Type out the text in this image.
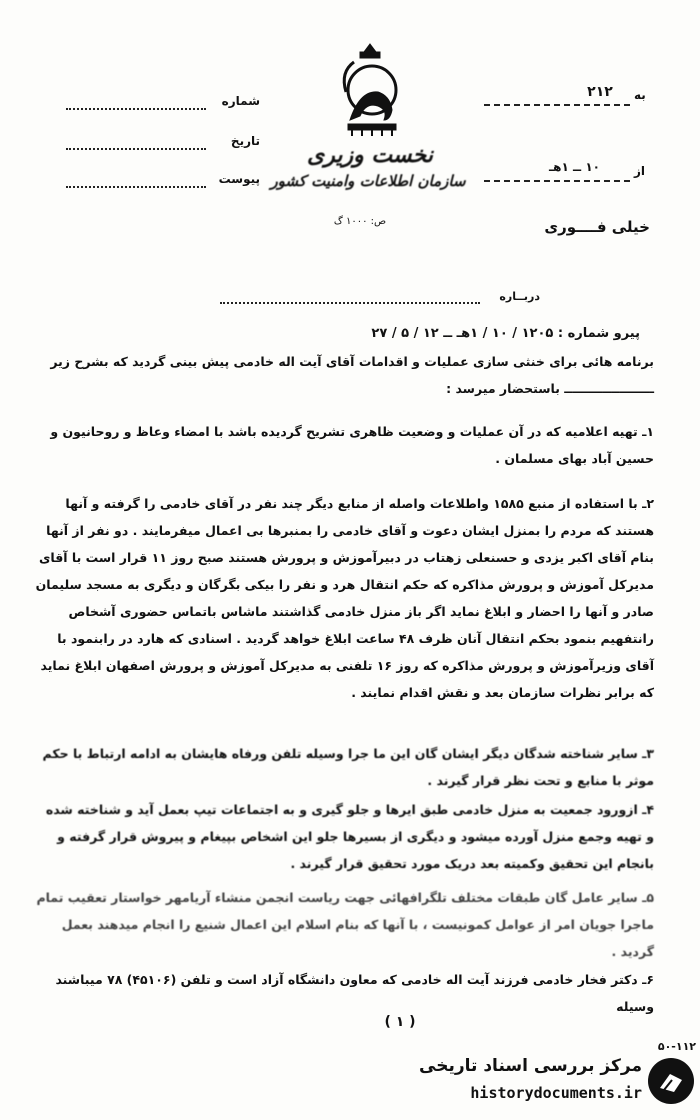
نخست وزیری
سازمان اطلاعات وامنیت کشور
ص: ۱۰۰۰ گ
شماره
تاریخ
پیوست
به
۲۱۲
از
۱۰ ــ ۱هـ
خیلی فــــوری
دربــاره
پیرو شماره : ۱۲۰۵ / ۱۰ / ۱هـ ــ ۱۲ / ۵ / ۲۷
برنامه هائی برای خنثی سازی عملیات و اقدامات آقای آیت اله خادمی پیش بینی گردید که بشرح زیر ـــــــــــــــــــــ باستحضار میرسد :
۱ـ تهیه اعلامیه که در آن عملیات و وضعیت ظاهری تشریح گردیده باشد با امضاء وعاظ و روحانیون و حسین آباد بهای مسلمان .
۲ـ با استفاده از منبع ۱۵۸۵ واطلاعات واصله از منابع دیگر چند نفر در آقای خادمی را گرفته و آنها هستند که مردم را بمنزل ایشان دعوت و آقای خادمی را بمنبرها بی اعمال میفرمایند . دو نفر از آنها بنام آقای اکبر یزدی و حسنعلی زهتاب در دبیرآموزش و پرورش هستند صبح روز ۱۱ قرار است با آقای مدیرکل آموزش و پرورش مذاکره که حکم انتقال هرد و نفر را بیکی بگرگان و دیگری به مسجد سلیمان صادر و آنها را احضار و ابلاغ نماید اگر باز منزل خادمی گذاشتند ماشاس باتماس حضوری آشخاص رانتفهیم بنمود بحکم انتقال آنان ظرف ۴۸ ساعت ابلاغ خواهد گردید . اسنادی که هارد در رابنمود با آقای وزیرآموزش و پرورش مذاکره که روز ۱۶ تلفنی به مدیرکل آموزش و پرورش اصفهان ابلاغ نماید که برابر نظرات سازمان بعد و نقش اقدام نمایند .
۳ـ سایر شناخته شدگان دیگر ایشان گان این ما جرا وسیله تلفن ورفاه هایشان به ادامه ارتباط با حکم موثر با منابع و تحت نظر قرار گیرند .
۴ـ ازورود جمعیت به منزل خادمی طبق ایرها و جلو گیری و به اجتماعات تیپ بعمل آید و شناخته شده و تهیه وجمع منزل آورده میشود و دیگری از بسیرها جلو این اشخاص بپیغام و پیروش قرار گرفته و بانجام این تحقیق وکمیته بعد دریک مورد تحقیق قرار گیرند .
۵ـ سایر عامل گان طبقات مختلف تلگرافهائی جهت ریاست انجمن منشاء آریامهر خواستار تعقیب تمام ماجرا جویان امر از عوامل کمونیست ، با آنها که بنام اسلام این اعمال شنیع را انجام میدهند بعمل گردید .
۶ـ دکتر فخار خادمی فرزند آیت اله خادمی که معاون دانشگاه آزاد است و تلفن (۴۵۱۰۶) ۷۸ میباشند وسیله
( ۱ )
۵۰-۱۱۲
مرکز بررسی اسناد تاریخی
historydocuments.ir
